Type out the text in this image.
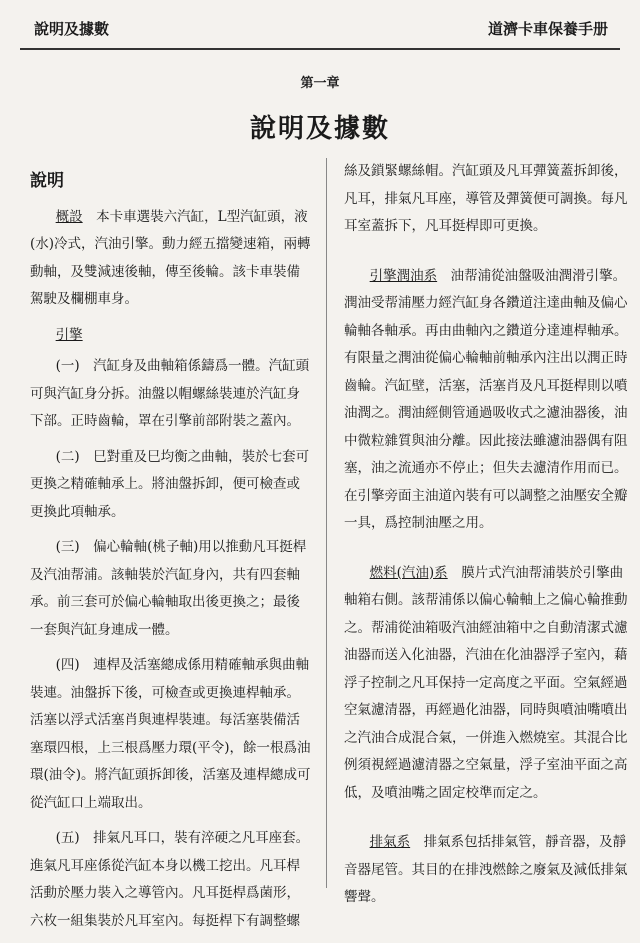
說明及據數	道濟卡車保養手册
第一章
說明及據數
說明

概設　 本卡車選裝六汽缸，L型汽缸頭，液(水)冷式，汽油引擎。動力經五擋變速箱，兩轉動軸，及雙減速後軸，傳至後輪。該卡車裝備駕駛及欄棚車身。

引擎

(一)　汽缸身及曲軸箱係鑄爲一體。汽缸頭可與汽缸身分拆。油盤以帽螺絲裝連於汽缸身下部。正時齒輪，罩在引擎前部附裝之蓋內。

(二)　巳對重及巳均衡之曲軸，裝於七套可更換之精確軸承上。將油盤拆卸，便可檢查或更換此項軸承。

(三)　偏心輪軸(桃子軸)用以推動凡耳挺桿及汽油帮浦。該軸裝於汽缸身內，共有四套軸承。前三套可於偏心輪軸取出後更換之；最後一套與汽缸身連成一體。

(四)　連桿及活塞總成係用精確軸承與曲軸裝連。油盤拆下後，可檢查或更換連桿軸承。活塞以浮式活塞肖與連桿裝連。每活塞裝備活塞環四根，上三根爲壓力環(平令)，餘一根爲油環(油令)。將汽缸頭拆卸後，活塞及連桿總成可從汽缸口上端取出。

(五)　排氣凡耳口，裝有淬硬之凡耳座套。進氣凡耳座係從汽缸本身以機工挖出。凡耳桿活動於壓力裝入之導管內。凡耳挺桿爲菌形，六枚一組集裝於凡耳室內。每挺桿下有調整螺

絲及鎖緊螺絲帽。汽缸頭及凡耳彈簧蓋拆卸後，凡耳，排氣凡耳座，導管及彈簧便可調換。每凡耳室蓋拆下，凡耳挺桿即可更換。

引擎潤油系　 油帮浦從油盤吸油潤滑引擎。潤油受帮浦壓力經汽缸身各鑽道注達曲軸及偏心輪軸各軸承。再由曲軸內之鑽道分達連桿軸承。有限量之潤油從偏心輪軸前軸承內注出以潤正時齒輪。汽缸壁，活塞，活塞肖及凡耳挺桿則以噴油潤之。潤油經側管通過吸收式之濾油器後，油中微粒雜質與油分離。因此接法雖濾油器偶有阻塞，油之流通亦不停止；但失去濾清作用而已。在引擎旁面主油道內裝有可以調整之油壓安全瓣一具，爲控制油壓之用。

燃料(汽油)系　 膜片式汽油帮浦裝於引擎曲軸箱右側。該帮浦係以偏心輪軸上之偏心輪推動之。帮浦從油箱吸汽油經油箱中之自動清潔式濾油器而送入化油器，汽油在化油器浮子室內，藉浮子控制之凡耳保持一定高度之平面。空氣經過空氣濾清器，再經過化油器，同時與噴油嘴噴出之汽油合成混合氣，一併進入燃燒室。其混合比例須視經過濾清器之空氣量，浮子室油平面之高低，及噴油嘴之固定校準而定之。

排氣系　 排氣系包括排氣管，靜音器，及靜音器尾管。其目的在排洩燃餘之廢氣及減低排氣響聲。
